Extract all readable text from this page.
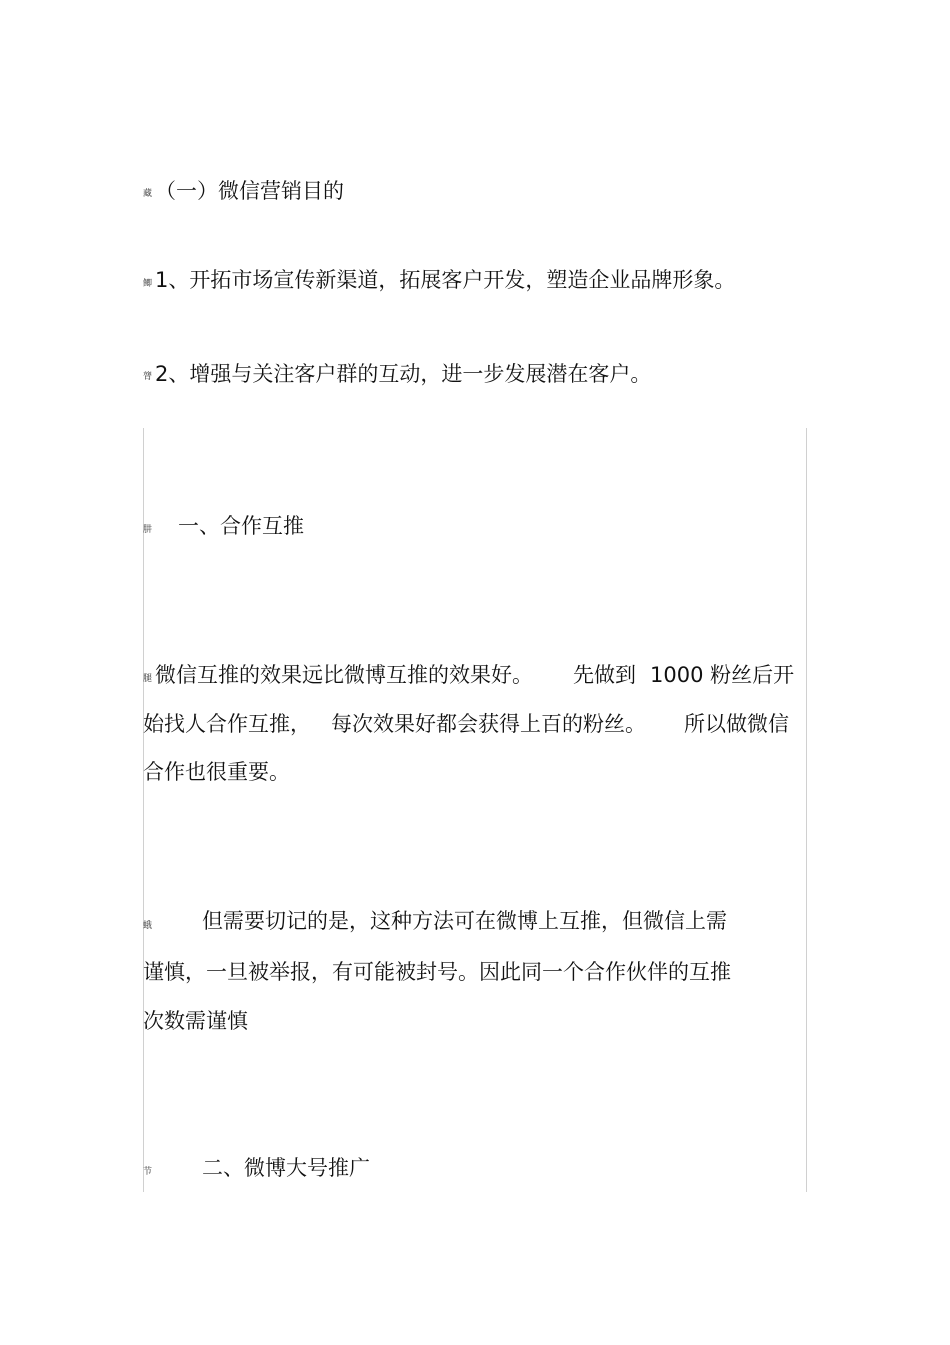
藏 （一）微信营销目的
鲫 1、开拓市场宣传新渠道，拓展客户开发，塑造企业品牌形象。
膂 2、增强与关注客户群的互动，进一步发展潜在客户。
肼 一、合作互推
腿 微信互推的效果远比微博互推的效果好。 先做到 1000 粉丝后开
始找人合作互推， 每次效果好都会获得上百的粉丝。 所以做微信
合作也很重要。
蛾 但需要切记的是，这种方法可在微博上互推，但微信上需
谨慎，一旦被举报，有可能被封号。因此同一个合作伙伴的互推
次数需谨慎
节 二、微博大号推广
